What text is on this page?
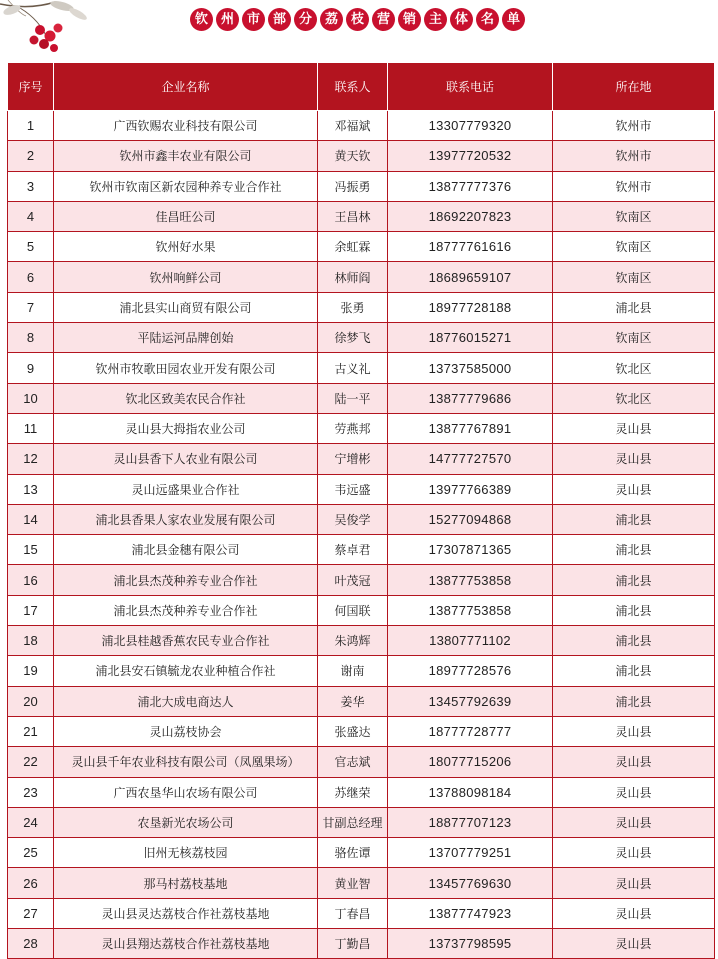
钦 州 市 部 分 荔 枝 营 销 主 体 名 单
序号	企业名称	联系人	联系电话	所在地
1	广西钦赐农业科技有限公司	邓福斌	13307779320	钦州市
2	钦州市鑫丰农业有限公司	黄天钦	13977720532	钦州市
3	钦州市钦南区新农园种养专业合作社	冯振勇	13877777376	钦州市
4	佳昌旺公司	王昌林	18692207823	钦南区
5	钦州好水果	余虹霖	18777761616	钦南区
6	钦州响鲜公司	林师阎	18689659107	钦南区
7	浦北县实山商贸有限公司	张勇	18977728188	浦北县
8	平陆运河品牌创始	徐梦飞	18776015271	钦南区
9	钦州市牧歌田园农业开发有限公司	古义礼	13737585000	钦北区
10	钦北区致美农民合作社	陆一平	13877779686	钦北区
11	灵山县大拇指农业公司	劳燕邦	13877767891	灵山县
12	灵山县香下人农业有限公司	宁增彬	14777727570	灵山县
13	灵山远盛果业合作社	韦远盛	13977766389	灵山县
14	浦北县香果人家农业发展有限公司	吴俊学	15277094868	浦北县
15	浦北县金穗有限公司	蔡卓君	17307871365	浦北县
16	浦北县杰茂种养专业合作社	叶茂冠	13877753858	浦北县
17	浦北县杰茂种养专业合作社	何国联	13877753858	浦北县
18	浦北县桂越香蕉农民专业合作社	朱鸿辉	13807771102	浦北县
19	浦北县安石镇毓龙农业种植合作社	谢南	18977728576	浦北县
20	浦北大成电商达人	姜华	13457792639	浦北县
21	灵山荔枝协会	张盛达	18777728777	灵山县
22	灵山县千年农业科技有限公司（凤凰果场）	官志斌	18077715206	灵山县
23	广西农垦华山农场有限公司	苏继荣	13788098184	灵山县
24	农垦新光农场公司	甘副总经理	18877707123	灵山县
25	旧州无核荔枝园	骆佐谭	13707779251	灵山县
26	那马村荔枝基地	黄业智	13457769630	灵山县
27	灵山县灵达荔枝合作社荔枝基地	丁春昌	13877747923	灵山县
28	灵山县翔达荔枝合作社荔枝基地	丁勤昌	13737798595	灵山县
